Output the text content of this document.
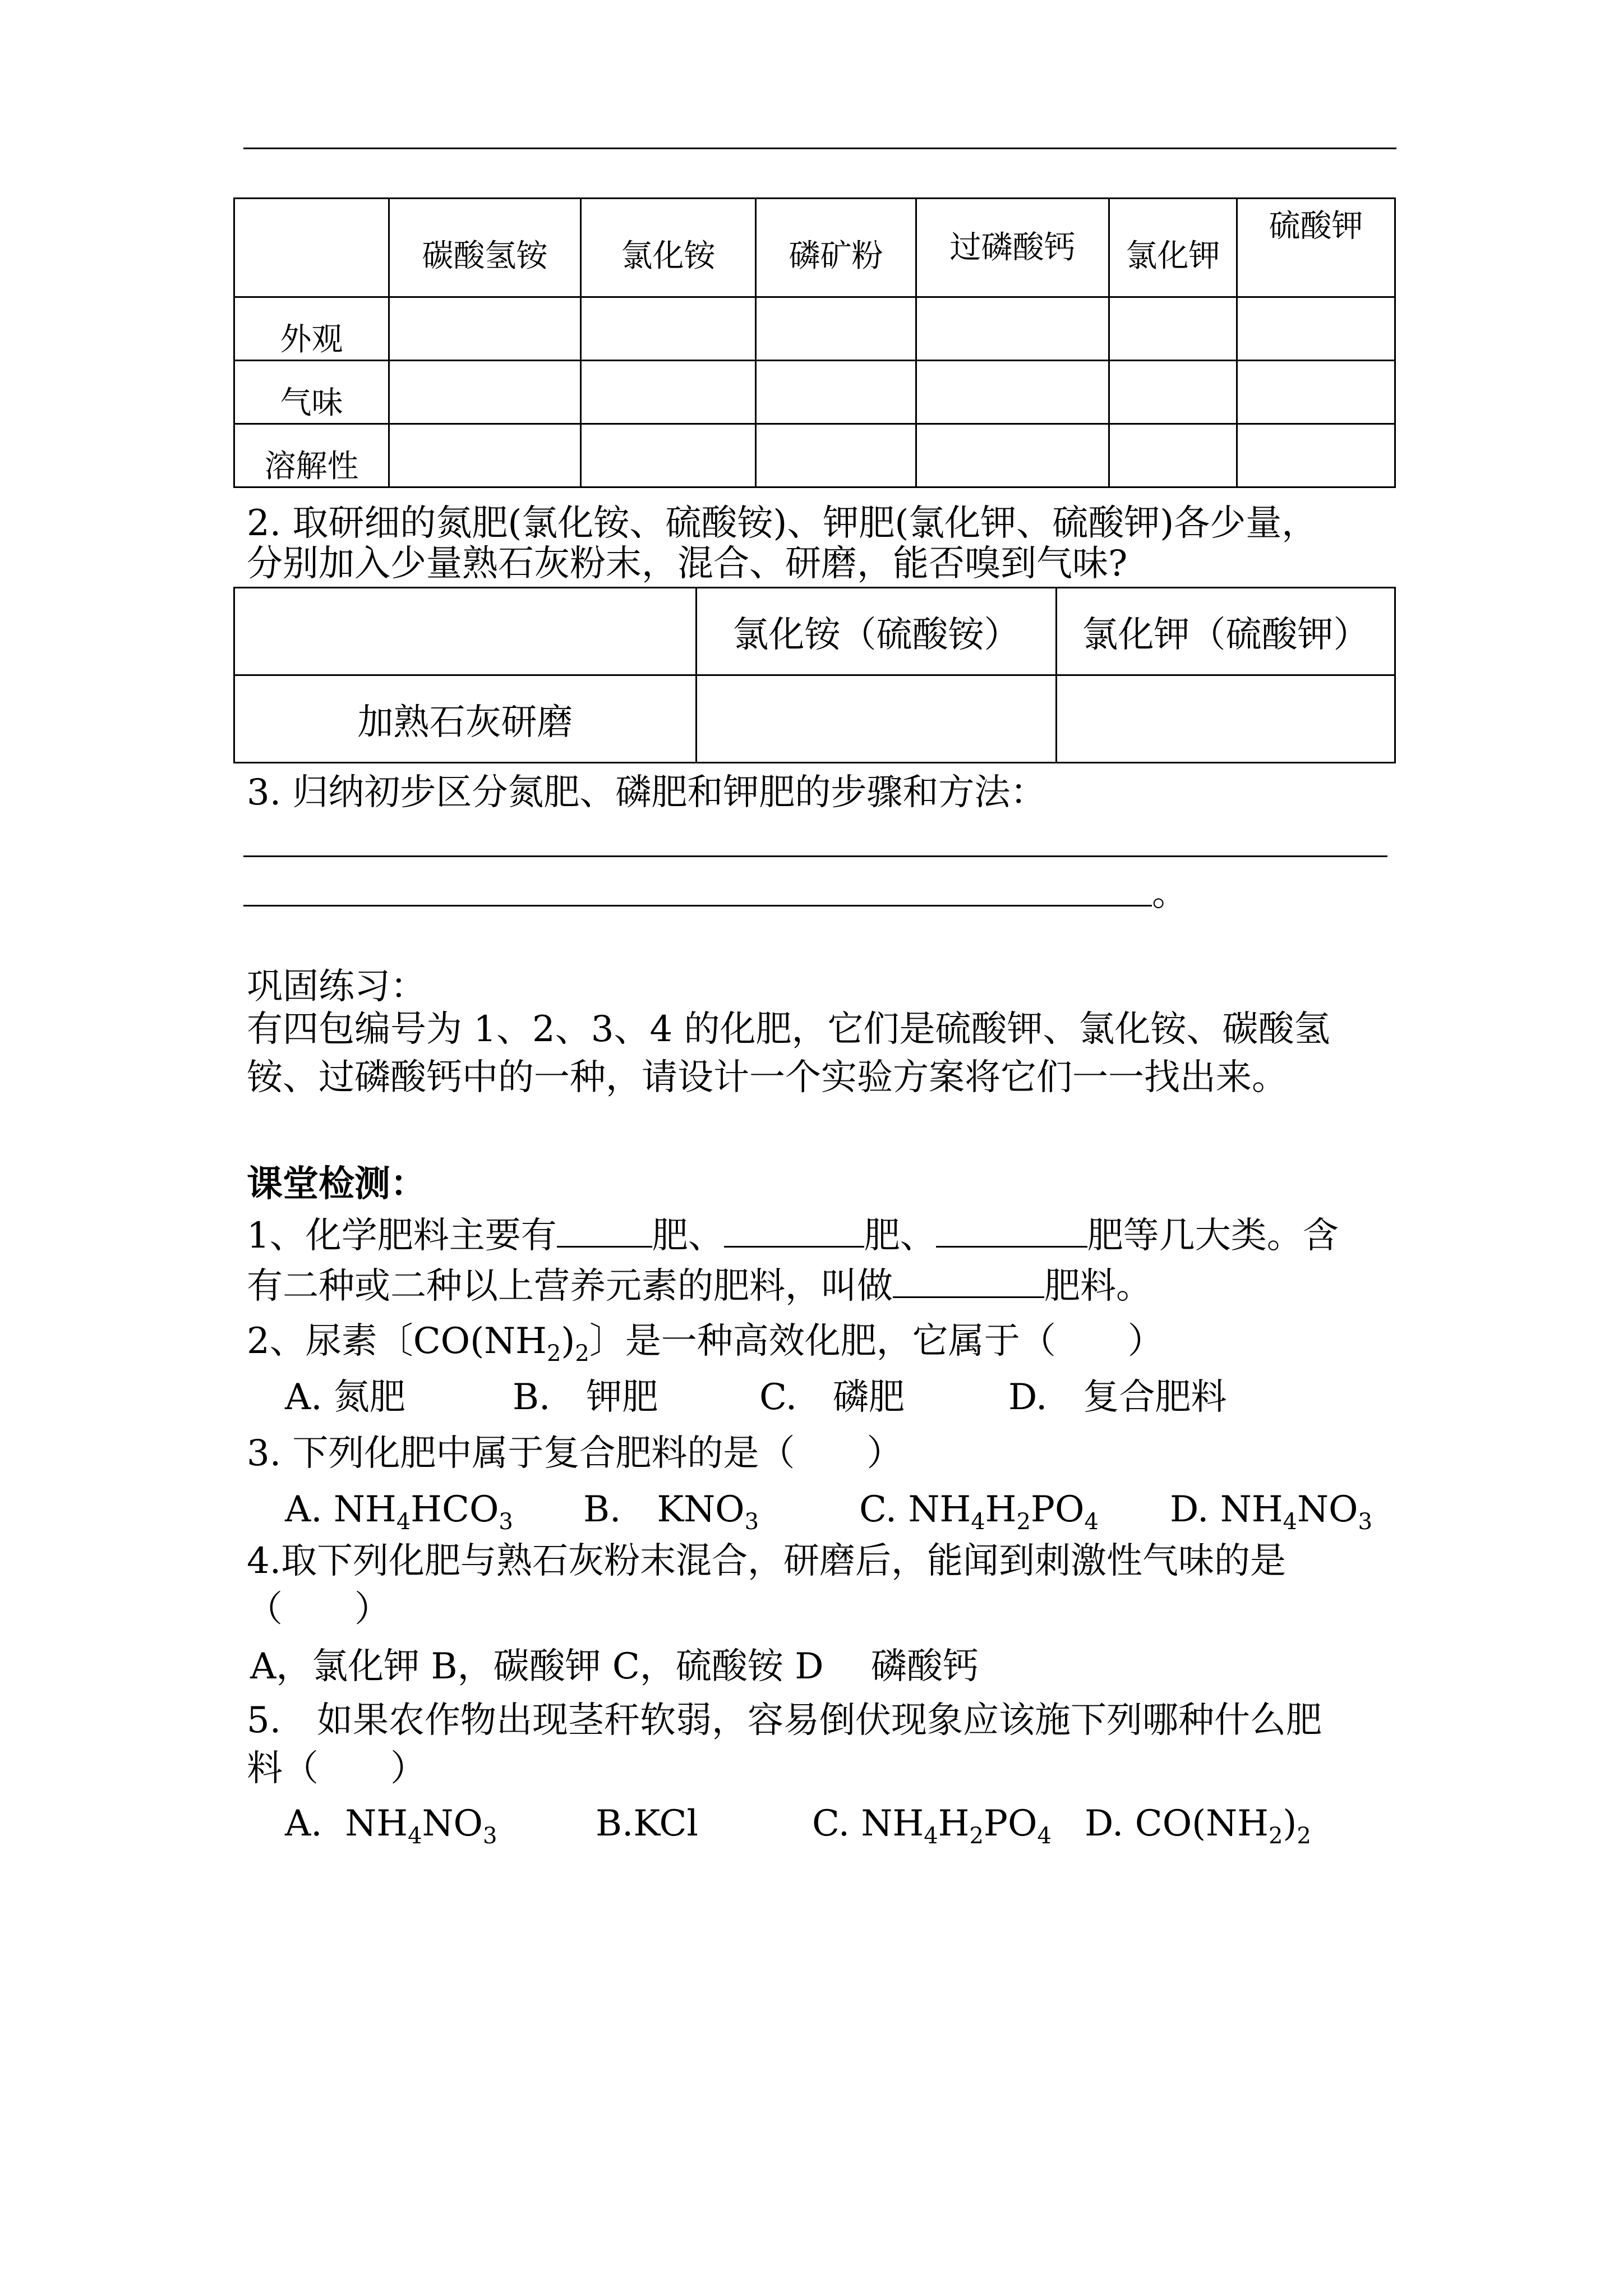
	碳酸氢铵	氯化铵	磷矿粉	过磷酸钙	氯化钾	硫酸钾
外观						
气味						
溶解性						
2. 取研细的氮肥(氯化铵、硫酸铵)、钾肥(氯化钾、硫酸钾)各少量，
分别加入少量熟石灰粉末，混合、研磨，能否嗅到气味?
	氯化铵（硫酸铵）	氯化钾（硫酸钾）
加熟石灰研磨		
3. 归纳初步区分氮肥、磷肥和钾肥的步骤和方法：
。
巩固练习：
有四包编号为 1、2、3、4 的化肥，它们是硫酸钾、氯化铵、碳酸氢
铵、过磷酸钙中的一种，请设计一个实验方案将它们一一找出来。
课堂检测：
1、化学肥料主要有	肥、	肥、	肥等几大类。含
有二种或二种以上营养元素的肥料，叫做	肥料。
2、尿素〔$CO(NH_2)_2$〕是一种高效化肥，它属于（　　）
A. 氮肥	B.　钾肥	C.　磷肥	D.　复合肥料
3. 下列化肥中属于复合肥料的是（　　）
A. $NH_4HCO_3$ B.　$KNO_3$	C. $NH_4H_2PO_4$ D. $NH_4NO_3$
4.取下列化肥与熟石灰粉末混合，研磨后，能闻到刺激性气味的是
（　　）
A，氯化钾 B，碳酸钾 C，硫酸铵 D　 磷酸钙
5.　如果农作物出现茎秆软弱，容易倒伏现象应该施下列哪种什么肥
料（　　）
A.  $NH_4NO_3$	B.KCl	C. $NH_4H_2PO_4$ D. $CO(NH_2)_2$
